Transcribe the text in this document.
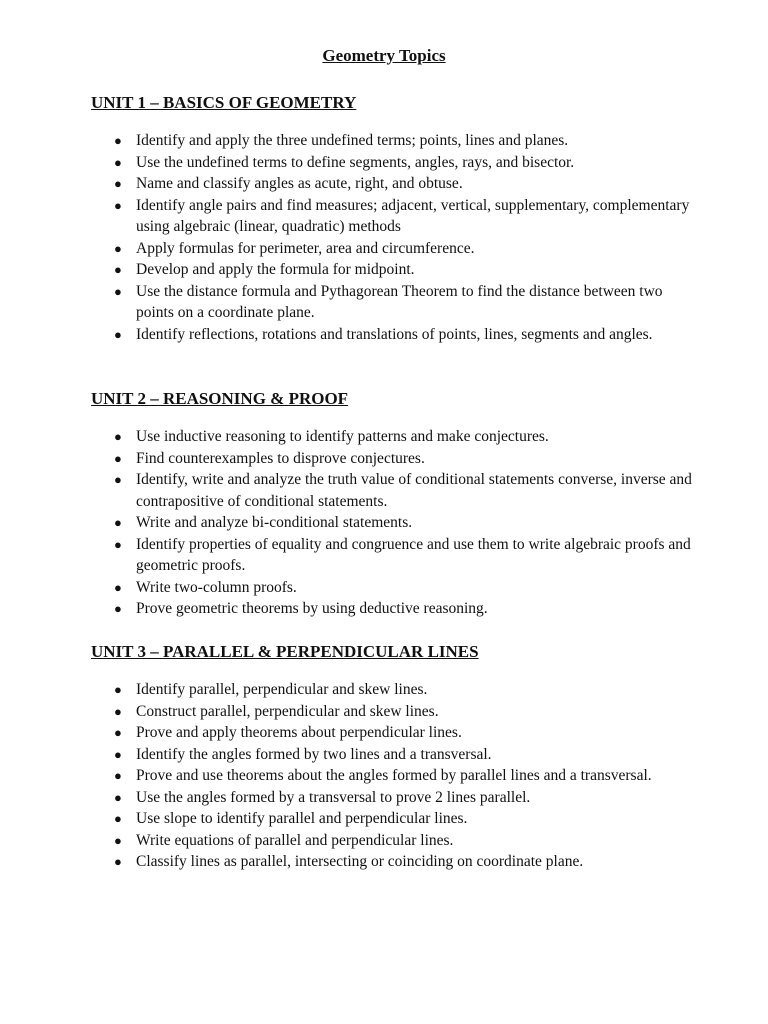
Geometry Topics
UNIT 1 – BASICS OF GEOMETRY
● Identify and apply the three undefined terms; points, lines and planes.
● Use the undefined terms to define segments, angles, rays, and bisector.
● Name and classify angles as acute, right, and obtuse.
● Identify angle pairs and find measures; adjacent, vertical, supplementary, complementary using algebraic (linear, quadratic) methods
● Apply formulas for perimeter, area and circumference.
● Develop and apply the formula for midpoint.
● Use the distance formula and Pythagorean Theorem to find the distance between two points on a coordinate plane.
● Identify reflections, rotations and translations of points, lines, segments and angles.
UNIT 2 – REASONING & PROOF
● Use inductive reasoning to identify patterns and make conjectures.
● Find counterexamples to disprove conjectures.
● Identify, write and analyze the truth value of conditional statements converse, inverse and contrapositive of conditional statements.
● Write and analyze bi-conditional statements.
● Identify properties of equality and congruence and use them to write algebraic proofs and geometric proofs.
● Write two-column proofs.
● Prove geometric theorems by using deductive reasoning.
UNIT 3 – PARALLEL & PERPENDICULAR LINES
● Identify parallel, perpendicular and skew lines.
● Construct parallel, perpendicular and skew lines.
● Prove and apply theorems about perpendicular lines.
● Identify the angles formed by two lines and a transversal.
● Prove and use theorems about the angles formed by parallel lines and a transversal.
● Use the angles formed by a transversal to prove 2 lines parallel.
● Use slope to identify parallel and perpendicular lines.
● Write equations of parallel and perpendicular lines.
● Classify lines as parallel, intersecting or coinciding on coordinate plane.
